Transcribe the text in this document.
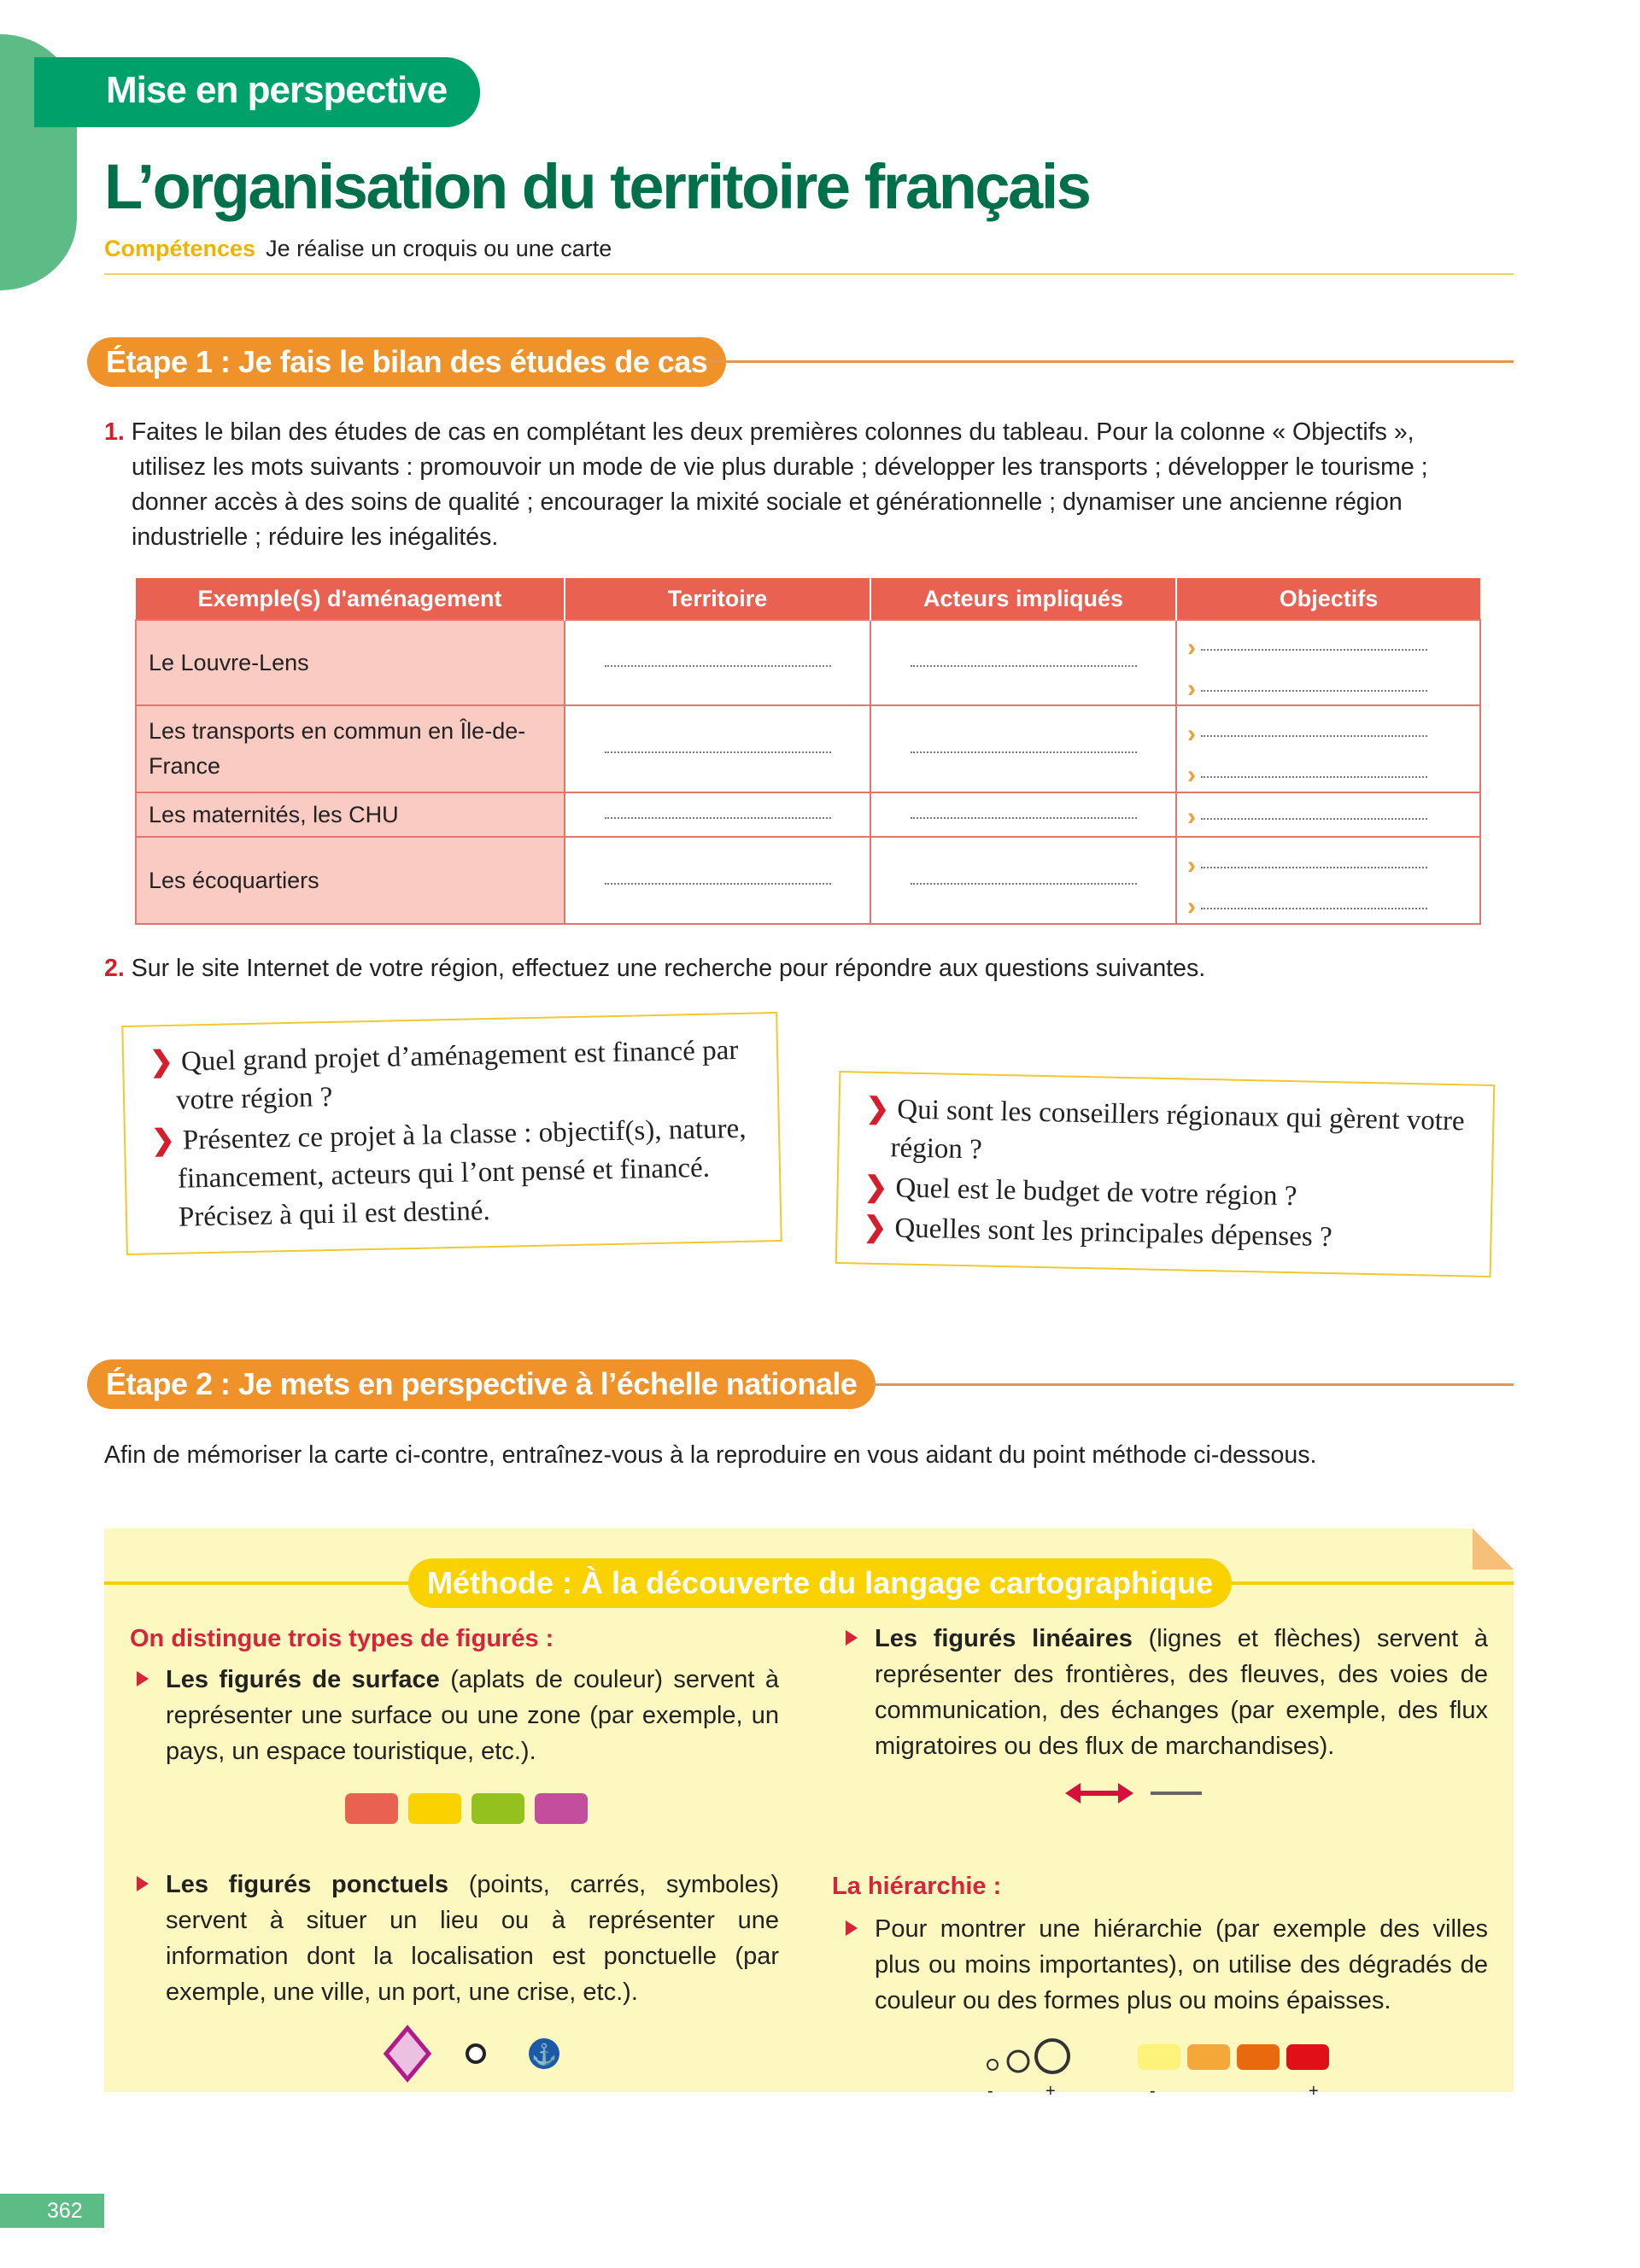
Mise en perspective
L’organisation du territoire français
Compétences Je réalise un croquis ou une carte
Étape 1 : Je fais le bilan des études de cas
1. Faites le bilan des études de cas en complétant les deux premières colonnes du tableau. Pour la colonne « Objectifs », utilisez les mots suivants : promouvoir un mode de vie plus durable ; développer les transports ; développer le tourisme ; donner accès à des soins de qualité ; encourager la mixité sociale et générationnelle ; dynamiser une ancienne région industrielle ; réduire les inégalités.
Exemple(s) d'aménagement	Territoire	Acteurs impliqués	Objectifs
Le Louvre-Lens			›
›

Les transports en commun en Île-de-France			›
›

Les maternités, les CHU			›

Les écoquartiers			›
›
2. Sur le site Internet de votre région, effectuez une recherche pour répondre aux questions suivantes.
❯ Quel grand projet d’aménagement est financé par votre région ?
❯ Présentez ce projet à la classe : objectif(s), nature, financement, acteurs qui l’ont pensé et financé. Précisez à qui il est destiné.
❯ Qui sont les conseillers régionaux qui gèrent votre région ?
❯ Quel est le budget de votre région ?
❯ Quelles sont les principales dépenses ?
Étape 2 : Je mets en perspective à l’échelle nationale
Afin de mémoriser la carte ci-contre, entraînez-vous à la reproduire en vous aidant du point méthode ci-dessous.
Méthode : À la découverte du langage cartographique
On distingue trois types de figurés :
Les figurés de surface (aplats de couleur) servent à représenter une surface ou une zone (par exemple, un pays, un espace touristique, etc.).
Les figurés ponctuels (points, carrés, symboles) servent à situer un lieu ou à représenter une information dont la localisation est ponctuelle (par exemple, une ville, un port, une crise, etc.).
⚓
Les figurés linéaires (lignes et flèches) servent à représenter des frontières, des fleuves, des voies de communication, des échanges (par exemple, des flux migratoires ou des flux de marchandises).
La hiérarchie :
Pour montrer une hiérarchie (par exemple des villes plus ou moins importantes), on utilise des dégradés de couleur ou des formes plus ou moins épaisses.
-	+	-	+
362
